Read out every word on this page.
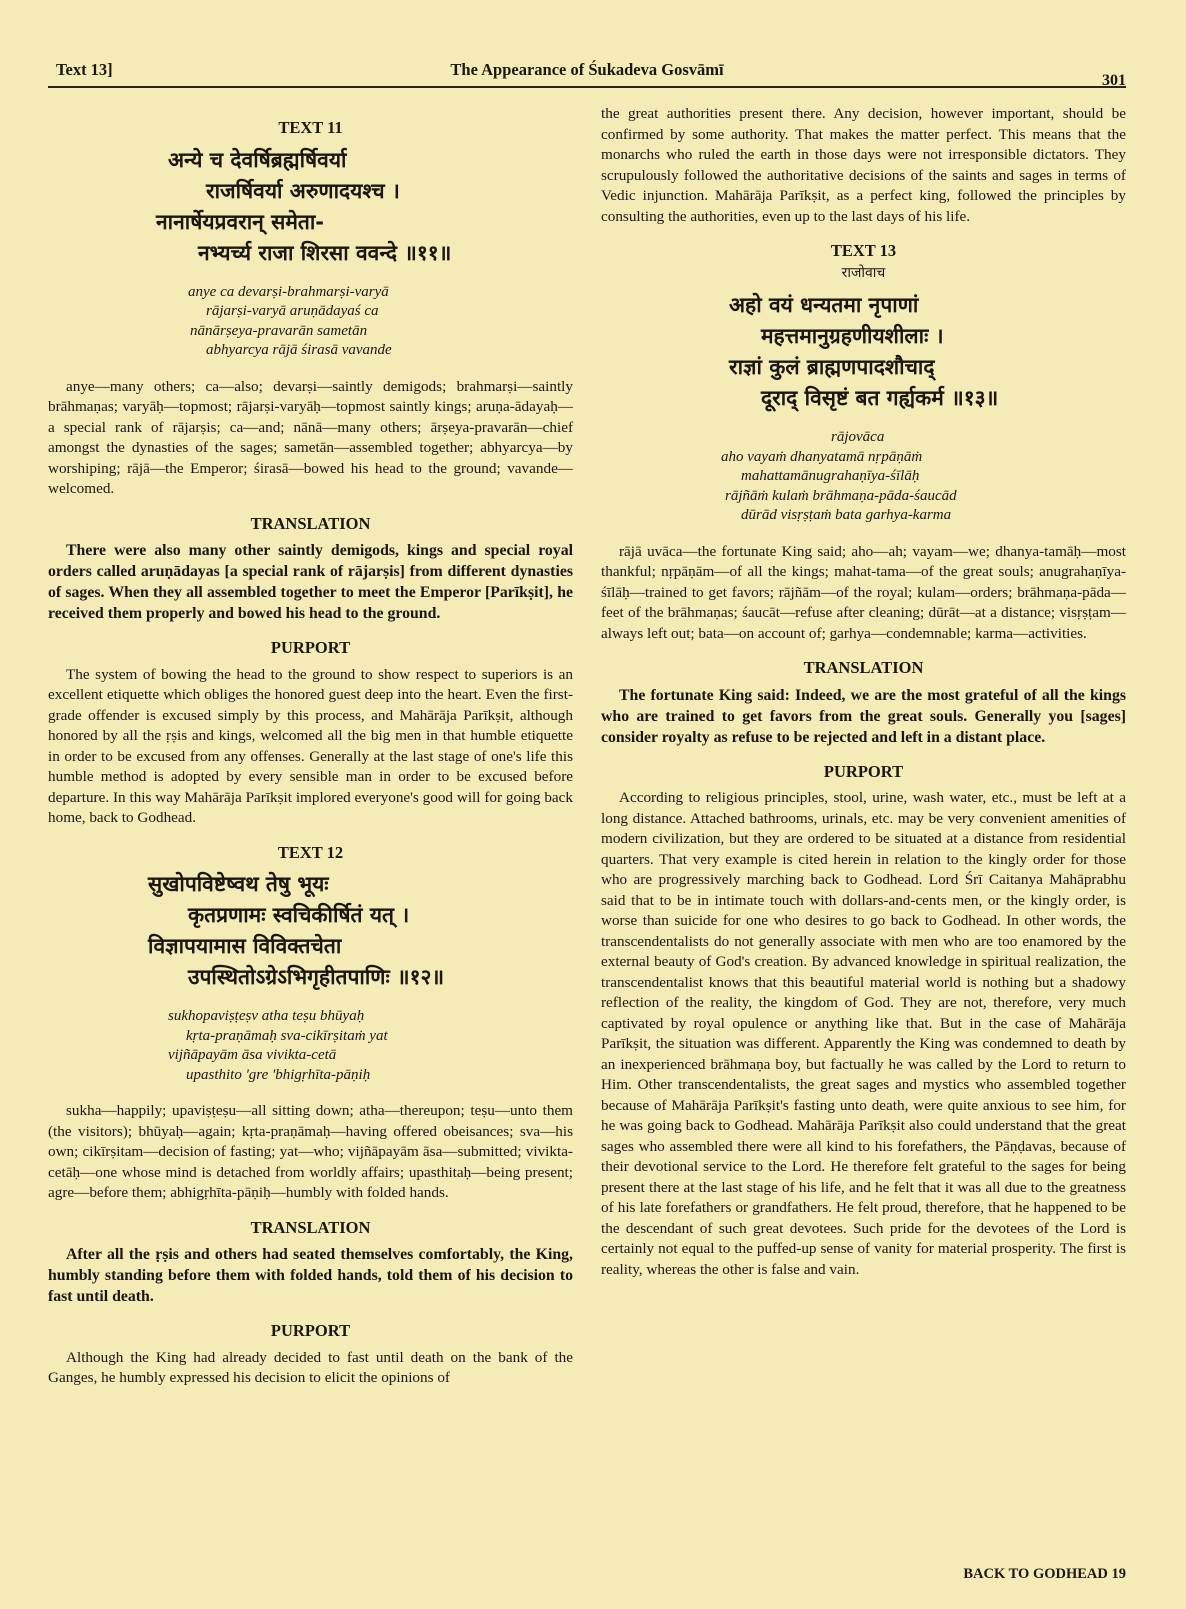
Text 13]	The Appearance of Śukadeva Gosvāmī
301
TEXT 11
अन्ये च देवर्षिब्रह्मर्षिवर्या
राजर्षिवर्या अरुणादयश्च ।
नानार्षेयप्रवरान् समेता-
नभ्यर्च्य राजा शिरसा ववन्दे ॥११॥
anye ca devarṣi-brahmarṣi-varyā
rājarṣi-varyā aruṇādayaś ca
nānārṣeya-pravarān sametān
abhyarcya rājā śirasā vavande

anye—many others; ca—also; devarṣi—saintly demigods; brahmarṣi—saintly brāhmaṇas; varyāḥ—topmost; rājarṣi-varyāḥ—topmost saintly kings; aruṇa-ādayaḥ—a special rank of rājarṣis; ca—and; nānā—many others; ārṣeya-pravarān—chief amongst the dynasties of the sages; sametān—assembled together; abhyarcya—by worshiping; rājā—the Emperor; śirasā—bowed his head to the ground; vavande—welcomed.

TRANSLATION

There were also many other saintly demigods, kings and special royal orders called aruṇādayas [a special rank of rājarṣis] from different dynasties of sages. When they all assembled together to meet the Emperor [Parīkṣit], he received them properly and bowed his head to the ground.

PURPORT

The system of bowing the head to the ground to show respect to superiors is an excellent etiquette which obliges the honored guest deep into the heart. Even the first-grade offender is excused simply by this process, and Mahārāja Parīkṣit, although honored by all the ṛṣis and kings, welcomed all the big men in that humble etiquette in order to be excused from any offenses. Generally at the last stage of one's life this humble method is adopted by every sensible man in order to be excused before departure. In this way Mahārāja Parīkṣit implored everyone's good will for going back home, back to Godhead.

TEXT 12
सुखोपविष्टेष्वथ तेषु भूयः
कृतप्रणामः स्वचिकीर्षितं यत् ।
विज्ञापयामास विविक्तचेता
उपस्थितोऽग्रेऽभिगृहीतपाणिः ॥१२॥
sukhopaviṣṭeṣv atha teṣu bhūyaḥ
kṛta-praṇāmaḥ sva-cikīrṣitaṁ yat
vijñāpayām āsa vivikta-cetā
upasthito 'gre 'bhigṛhīta-pāṇiḥ

sukha—happily; upaviṣṭeṣu—all sitting down; atha—thereupon; teṣu—unto them (the visitors); bhūyaḥ—again; kṛta-praṇāmaḥ—having offered obeisances; sva—his own; cikīrṣitam—decision of fasting; yat—who; vijñāpayām āsa—submitted; vivikta-cetāḥ—one whose mind is detached from worldly affairs; upasthitaḥ—being present; agre—before them; abhigṛhīta-pāṇiḥ—humbly with folded hands.

TRANSLATION

After all the ṛṣis and others had seated themselves comfortably, the King, humbly standing before them with folded hands, told them of his decision to fast until death.

PURPORT

Although the King had already decided to fast until death on the bank of the Ganges, he humbly expressed his decision to elicit the opinions of

the great authorities present there. Any decision, however important, should be confirmed by some authority. That makes the matter perfect. This means that the monarchs who ruled the earth in those days were not irresponsible dictators. They scrupulously followed the authoritative decisions of the saints and sages in terms of Vedic injunction. Mahārāja Parīkṣit, as a perfect king, followed the principles by consulting the authorities, even up to the last days of his life.

TEXT 13
राजोवाच
अहो वयं धन्यतमा नृपाणां
महत्तमानुग्रहणीयशीलाः ।
राज्ञां कुलं ब्राह्मणपादशौचाद्
दूराद् विसृष्टं बत गर्ह्यकर्म ॥१३॥
rājovāca
aho vayaṁ dhanyatamā nṛpāṇāṁ
mahattamānugrahaṇīya-śīlāḥ
rājñāṁ kulaṁ brāhmaṇa-pāda-śaucād
dūrād visṛṣṭaṁ bata garhya-karma

rājā uvāca—the fortunate King said; aho—ah; vayam—we; dhanya-tamāḥ—most thankful; nṛpāṇām—of all the kings; mahat-tama—of the great souls; anugrahaṇīya-śīlāḥ—trained to get favors; rājñām—of the royal; kulam—orders; brāhmaṇa-pāda—feet of the brāhmaṇas; śaucāt—refuse after cleaning; dūrāt—at a distance; visṛṣṭam—always left out; bata—on account of; garhya—condemnable; karma—activities.

TRANSLATION

The fortunate King said: Indeed, we are the most grateful of all the kings who are trained to get favors from the great souls. Generally you [sages] consider royalty as refuse to be rejected and left in a distant place.

PURPORT

According to religious principles, stool, urine, wash water, etc., must be left at a long distance. Attached bathrooms, urinals, etc. may be very convenient amenities of modern civilization, but they are ordered to be situated at a distance from residential quarters. That very example is cited herein in relation to the kingly order for those who are progressively marching back to Godhead. Lord Śrī Caitanya Mahāprabhu said that to be in intimate touch with dollars-and-cents men, or the kingly order, is worse than suicide for one who desires to go back to Godhead. In other words, the transcendentalists do not generally associate with men who are too enamored by the external beauty of God's creation. By advanced knowledge in spiritual realization, the transcendentalist knows that this beautiful material world is nothing but a shadowy reflection of the reality, the kingdom of God. They are not, therefore, very much captivated by royal opulence or anything like that. But in the case of Mahārāja Parīkṣit, the situation was different. Apparently the King was condemned to death by an inexperienced brāhmaṇa boy, but factually he was called by the Lord to return to Him. Other transcendentalists, the great sages and mystics who assembled together because of Mahārāja Parīkṣit's fasting unto death, were quite anxious to see him, for he was going back to Godhead. Mahārāja Parīkṣit also could understand that the great sages who assembled there were all kind to his forefathers, the Pāṇḍavas, because of their devotional service to the Lord. He therefore felt grateful to the sages for being present there at the last stage of his life, and he felt that it was all due to the greatness of his late forefathers or grandfathers. He felt proud, therefore, that he happened to be the descendant of such great devotees. Such pride for the devotees of the Lord is certainly not equal to the puffed-up sense of vanity for material prosperity. The first is reality, whereas the other is false and vain.

BACK TO GODHEAD 19
